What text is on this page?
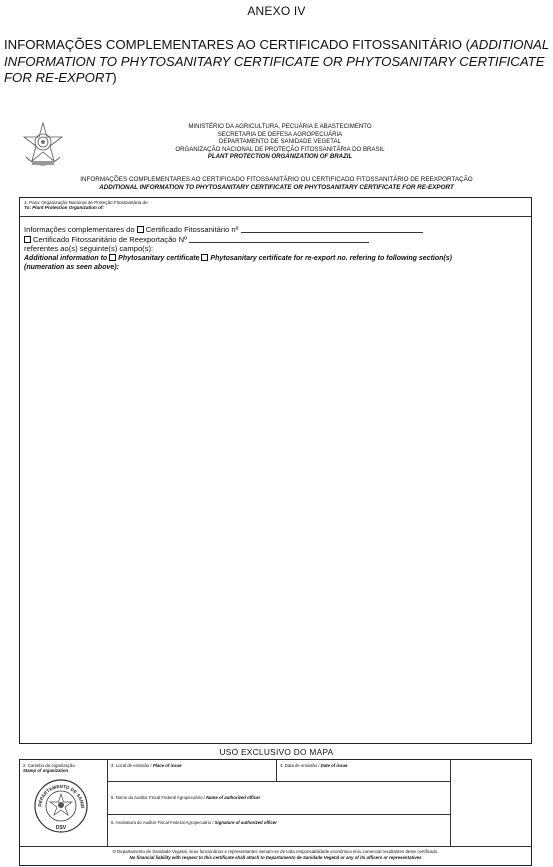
ANEXO IV
INFORMAÇÕES COMPLEMENTARES AO CERTIFICADO FITOSSANITÁRIO (ADDITIONAL INFORMATION TO PHYTOSANITARY CERTIFICATE OR PHYTOSANITARY CERTIFICATE FOR RE-EXPORT)
MINISTÉRIO DA AGRICULTURA, PECUÁRIA E ABASTECIMENTO
SECRETARIA DE DEFESA AGROPECUÁRIA
DEPARTAMENTO DE SANIDADE VEGETAL
ORGANIZAÇÃO NACIONAL DE PROTEÇÃO FITOSSANITÁRIA DO BRASIL
PLANT PROTECTION ORGANIZATION OF BRAZIL
INFORMAÇÕES COMPLEMENTARES AO CERTIFICADO FITOSSANITÁRIO OU CERTIFICADO FITOSSANITÁRIO DE REEXPORTAÇÃO
ADDITIONAL INFORMATION TO PHYTOSANITARY CERTIFICATE OR PHYTOSANITARY CERTIFICATE FOR RE-EXPORT
1. Para: Organização Nacional de Proteção Fitossanitária de:
To: Plant Protection Organization of:
Informações complementares do Certificado Fitossanitário nº
Certificado Fitossanitário de Reexportação Nº
referentes ao(s) seguinte(s) campo(s):
Additional information to Phytosanitary certificate Phytosanitary certificate for re-export no. refering to following section(s)
(numeration as seen above):
USO EXCLUSIVO DO MAPA
2. Carimbo da organização
Stamp of organization
DEPARTAMENTO DE SANID
DSV
3. Local de emissão / Place of issue	4. Data de emissão / Date of issue
5. Nome do Auditor Fiscal Federal Agropecuário / Name of authorized officer
6. Assinatura do Auditor Fiscal Federal Agropecuário / Signature of authorized officer
O Departamento de Sanidade Vegetal, seus funcionários e representantes isenam-se de toda responsabilidade econômica e/ou comercial resultantes deste certificado.
No financial liability with respect to this certificate shall attach to Departamento de Sanidade Vegetal or any of its officers or representatives
